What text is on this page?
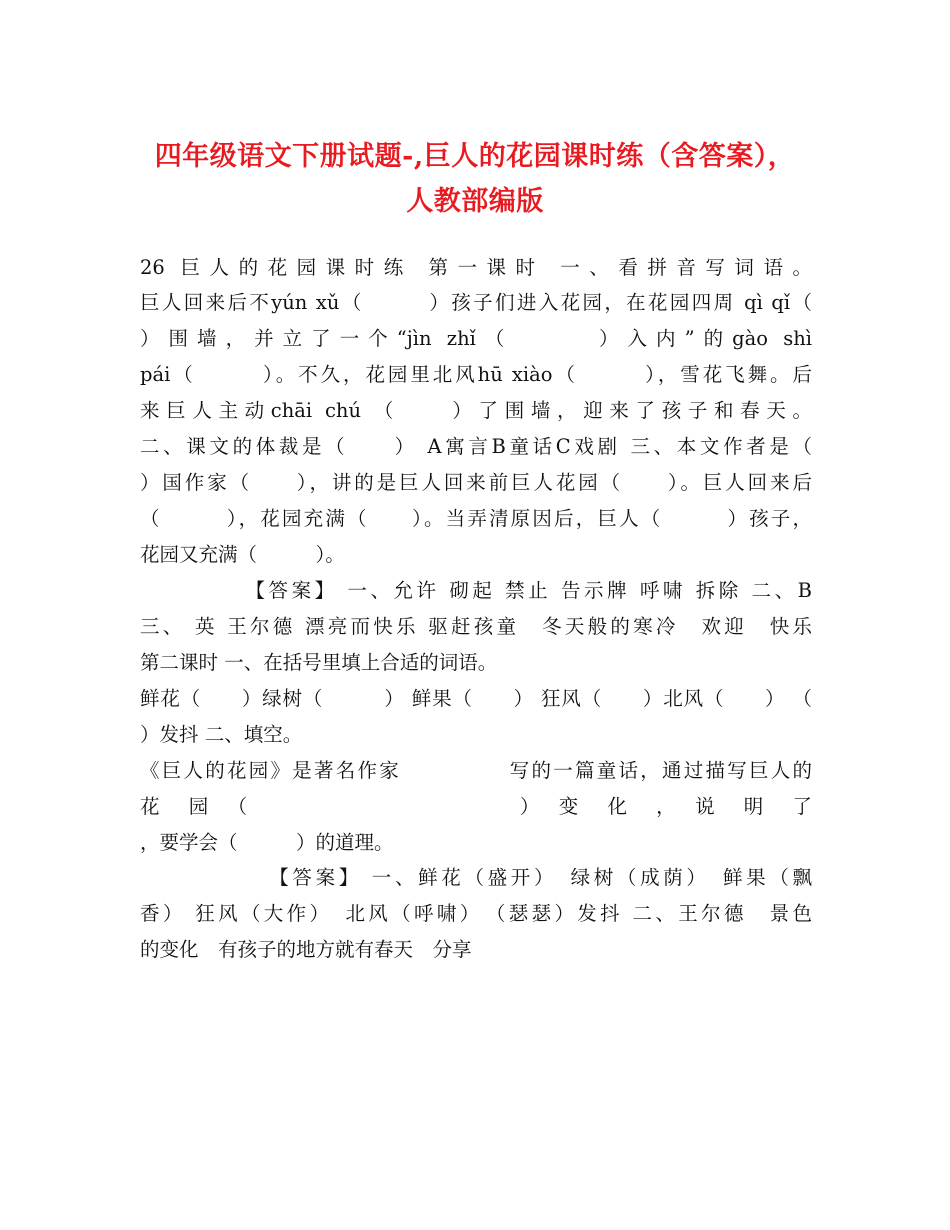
四年级语文下册试题-,巨人的花园课时练（含答案），
人教部编版
26 巨人的花园课时练 第一课时 一、看拼音写词语。
巨人回来后不yún xǔ（　　　）孩子们进入花园，在花园四周 qì qǐ（
）围墙，并立了一个“jìn zhǐ（　　　）入内”的gào shì
pái（　　　）。不久，花园里北风hū xiào（　　　），雪花飞舞。后
来巨人主动chāi chú （　　）了围墙，迎来了孩子和春天。
二、课文的体裁是（　　） A寓言B童话C戏剧 三、本文作者是（
）国作家（　　），讲的是巨人回来前巨人花园（　　）。巨人回来后
（　　　），花园充满（　　）。当弄清原因后，巨人（　　　）孩子，
花园又充满（　　　）。
　　　　　【答案】 一、允许 砌起 禁止 告示牌 呼啸 拆除 二、B
三、 英 王尔德 漂亮而快乐 驱赶孩童　冬天般的寒冷　欢迎　快乐
第二课时 一、在括号里填上合适的词语。
鲜花（　　）绿树（　　　） 鲜果（　　） 狂风（　　）北风（　　） （
）发抖 二、填空。
《巨人的花园》是著名作家　　　　　写的一篇童话，通过描写巨人的
花　园　（　　　　　　　　　　　）　变　化　，　说　明　了
，要学会（　　　）的道理。
　　　　　　【答案】 一、鲜花（盛开）　绿树（成荫）　鲜果（飘
香） 狂风（大作）　北风（呼啸）　（瑟瑟）发抖 二、王尔德　景色
的变化　有孩子的地方就有春天　分享
